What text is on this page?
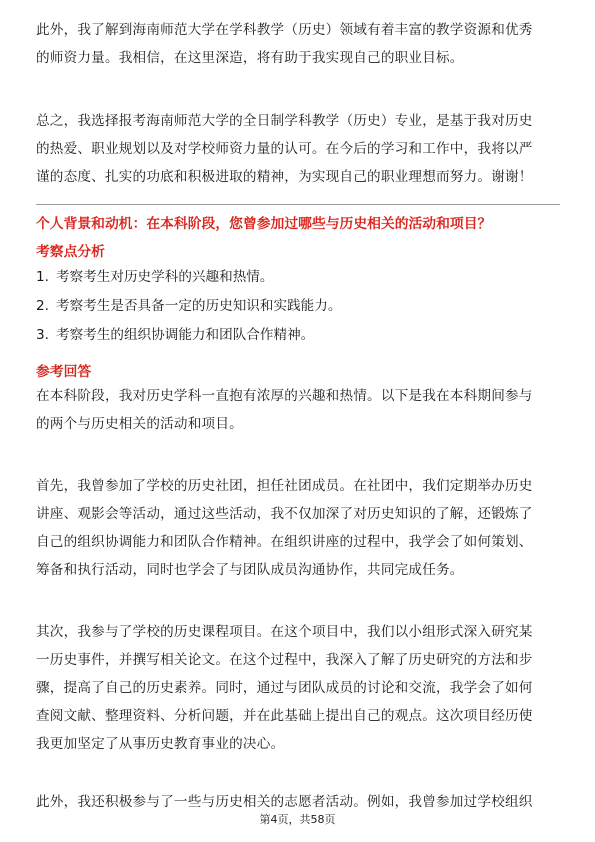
此外，我了解到海南师范大学在学科教学（历史）领域有着丰富的教学资源和优秀
的师资力量。我相信，在这里深造，将有助于我实现自己的职业目标。

总之，我选择报考海南师范大学的全日制学科教学（历史）专业，是基于我对历史
的热爱、职业规划以及对学校师资力量的认可。在今后的学习和工作中，我将以严
谨的态度、扎实的功底和积极进取的精神，为实现自己的职业理想而努力。谢谢！

个人背景和动机：在本科阶段，您曾参加过哪些与历史相关的活动和项目？

考察点分析

1. 考察考生对历史学科的兴趣和热情。
2. 考察考生是否具备一定的历史知识和实践能力。
3. 考察考生的组织协调能力和团队合作精神。

参考回答

在本科阶段，我对历史学科一直抱有浓厚的兴趣和热情。以下是我在本科期间参与
的两个与历史相关的活动和项目。

首先，我曾参加了学校的历史社团，担任社团成员。在社团中，我们定期举办历史
讲座、观影会等活动，通过这些活动，我不仅加深了对历史知识的了解，还锻炼了
自己的组织协调能力和团队合作精神。在组织讲座的过程中，我学会了如何策划、
筹备和执行活动，同时也学会了与团队成员沟通协作，共同完成任务。

其次，我参与了学校的历史课程项目。在这个项目中，我们以小组形式深入研究某
一历史事件，并撰写相关论文。在这个过程中，我深入了解了历史研究的方法和步
骤，提高了自己的历史素养。同时，通过与团队成员的讨论和交流，我学会了如何
查阅文献、整理资料、分析问题，并在此基础上提出自己的观点。这次项目经历使
我更加坚定了从事历史教育事业的决心。

此外，我还积极参与了一些与历史相关的志愿者活动。例如，我曾参加过学校组织

第4页，共58页
